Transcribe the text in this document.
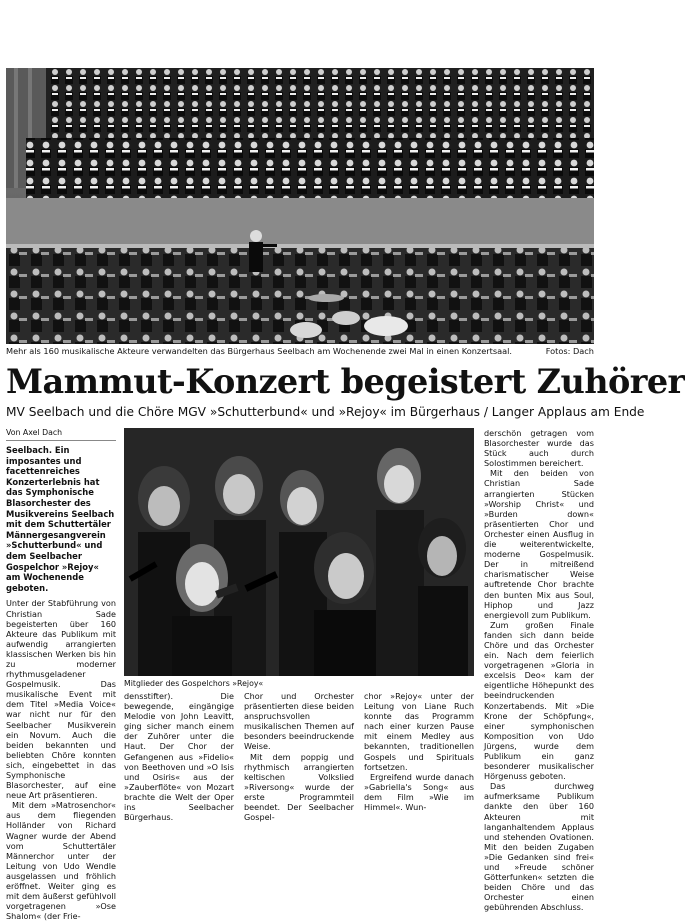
Mehr als 160 musikalische Akteure verwandelten das Bürgerhaus Seelbach am Wochenende zwei Mal in einen Konzertsaal.	Fotos: Dach
Mammut-Konzert begeistert Zuhörer
MV Seelbach und die Chöre MGV »Schutterbund« und »Rejoy« im Bürgerhaus / Langer Applaus am Ende
Von Axel Dach
Seelbach. Ein imposantes und facettenreiches Konzerterlebnis hat das Symphonische Blasorchester des Musikvereins Seelbach mit dem Schuttertäler Männergesangverein »Schutterbund« und dem Seelbacher Gospelchor »Rejoy« am Wochenende geboten.

Unter der Stabführung von Christian Sade begeisterten über 160 Akteure das Publikum mit aufwendig arrangierten klassischen Werken bis hin zu moderner rhythmusgeladener Gospelmusik. Das musikalische Event mit dem Titel »Media Voice« war nicht nur für den Seelbacher Musikverein ein Novum. Auch die beiden bekannten und beliebten Chöre konnten sich, eingebettet in das Symphonische Blasorchester, auf eine neue Art präsentieren.

Mit dem »Matrosenchor« aus dem fliegenden Holländer von Richard Wagner wurde der Abend vom Schuttertäler Männerchor unter der Leitung von Udo Wendle ausgelassen und fröhlich eröffnet. Weiter ging es mit dem äußerst gefühlvoll vorgetragenen »Ose Shalom« (der Frie-

Mitglieder des Gospelchors »Rejoy«

densstifter). Die bewegende, eingängige Melodie von John Leavitt, ging sicher manch einem der Zuhörer unter die Haut. Der Chor der Gefangenen aus »Fidelio« von Beethoven und »O Isis und Osiris« aus der »Zauberflöte« von Mozart brachte die Welt der Oper ins Seelbacher Bürgerhaus.

Chor und Orchester präsentierten diese beiden anspruchsvollen musikalischen Themen auf besonders beeindruckende Weise.

Mit dem poppig und rhythmisch arrangierten keltischen Volkslied »Riversong« wurde der erste Programmteil beendet. Der Seelbacher Gospel-

chor »Rejoy« unter der Leitung von Liane Ruch konnte das Programm nach einer kurzen Pause mit einem Medley aus bekannten, traditionellen Gospels und Spirituals fortsetzen.

Ergreifend wurde danach »Gabriella's Song« aus dem Film »Wie im Himmel«. Wun-

derschön getragen vom Blasorchester wurde das Stück auch durch Solostimmen bereichert.

Mit den beiden von Christian Sade arrangierten Stücken »Worship Christ« und »Burden down« präsentierten Chor und Orchester einen Ausflug in die weiterentwickelte, moderne Gospelmusik. Der in mitreißend charismatischer Weise auftretende Chor brachte den bunten Mix aus Soul, Hiphop und Jazz energievoll zum Publikum.

Zum großen Finale fanden sich dann beide Chöre und das Orchester ein. Nach dem feierlich vorgetragenen »Gloria in excelsis Deo« kam der eigentliche Höhepunkt des beeindruckenden Konzertabends. Mit »Die Krone der Schöpfung«, einer symphonischen Komposition von Udo Jürgens, wurde dem Publikum ein ganz besonderer musikalischer Hörgenuss geboten.

Das durchweg aufmerksame Publikum dankte den über 160 Akteuren mit langanhaltendem Applaus und stehenden Ovationen. Mit den beiden Zugaben »Die Gedanken sind frei« und »Freude schöner Götterfunken« setzten die beiden Chöre und das Orchester einen gebührenden Abschluss.
